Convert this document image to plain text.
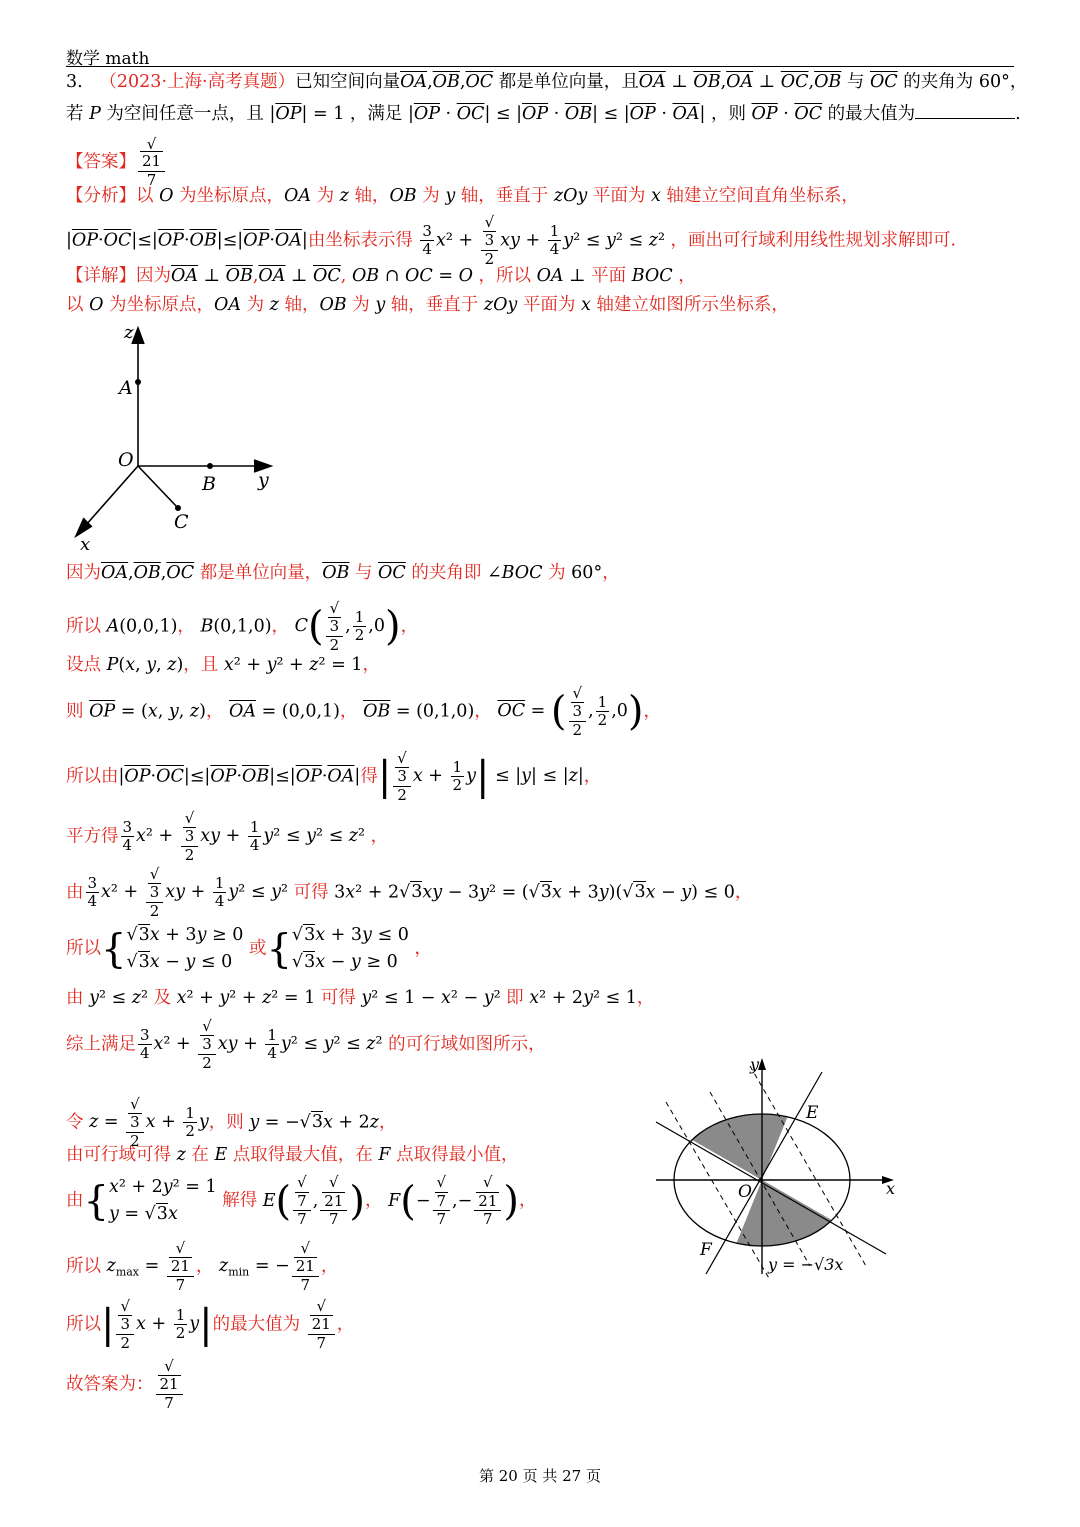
数学 math
3. （2023·上海·高考真题）已知空间向量$\overline{OA},\overline{OB},\overline{OC}$ 都是单位向量，且$\overline{OA}$ ⊥ $\overline{OB},\overline{OA}$ ⊥ $\overline{OC},\overline{OB}$ 与 $\overline{OC}$ 的夹角为 60°，
若 P 为空间任意一点，且 $|\overline{OP}| = 1$ ，满足 $|\overline{OP} \cdot \overline{OC}| \le |\overline{OP} \cdot \overline{OB}| \le |\overline{OP} \cdot \overline{OA}|$ ，则 $\overline{OP} \cdot \overline{OC}$ 的最大值为	.
【答案】 √
21
7
【分析】以 O 为坐标原点，OA 为 z 轴，OB 为 y 轴，垂直于 zOy 平面为 x 轴建立空间直角坐标系，
$|\overline{OP}\cdot\overline{OC}|\le|\overline{OP}\cdot\overline{OB}|\le|\overline{OP}\cdot\overline{OA}|$由坐标表示得 $\frac{3}{4} x^2$ + √
3
2 xy + $\frac{1}{4} y^2 \le y^2 \le z^2$ ，画出可行域利用线性规划求解即可.
【详解】因为$\overline{OA}$ ⊥ $\overline{OB},\overline{OA}$ ⊥ $\overline{OC}$, OB ∩ OC = O ，所以 OA ⊥ 平面 BOC ，
以 O 为坐标原点，OA 为 z 轴，OB 为 y 轴，垂直于 zOy 平面为 x 轴建立如图所示坐标系，
z
A
O
B y
C
x
因为$\overline{OA},\overline{OB},\overline{OC}$ 都是单位向量，$\overline{OB}$ 与 $\overline{OC}$ 的夹角即 ∠BOC 为 60°，
所以 A(0,0,1)， B(0,1,0)， C( √
3
2 , $\frac{1}{2} ,0$)，
设点 P(x, y, z)，且 x² + y² + z² = 1，
则 $\overline{OP} = (x$, y, z)， $\overline{OA} = (0,0,1)$， $\overline{OB} = (0,1,0)$， $\overline{OC}$ = ( √
3
2 , $\frac{1}{2} ,0$)，
所以由$|\overline{OP}\cdot\overline{OC}|\le|\overline{OP}\cdot\overline{OB}|\le|\overline{OP}\cdot\overline{OA}|$得| √
3
2 $x + \frac{1}{2} y| \le |y| \le |z|$，
平方得 $\frac{3}{4} x^2$ + √
3
2 xy + $\frac{1}{4} y^2 \le y^2 \le z^2$ ，
由 $\frac{3}{4} x^2$ + √
3
2 xy + $\frac{1}{4} y^2 \le y^2$ 可得 3x² + 2√3xy − 3y² = (√3x + 3y)(√3x − y) ≤ 0，
所以{√3x + 3y ≥ 0
√3x − y ≤ 0 或{√3x + 3y ≤ 0
√3x − y ≥ 0 ，
由 y² ≤ z² 及 x² + y² + z² = 1 可得 y² ≤ 1 − x² − y² 即 x² + 2y² ≤ 1，
综上满足 $\frac{3}{4} x^2$ + √
3
2 xy + $\frac{1}{4} y^2 \le y^2 \le z^2$ 的可行域如图所示，
令 z = √
3
2 $x + \frac{1}{2}$ y，则 y = −√3x + 2z，
由可行域可得 z 在 E 点取得最大值，在 F 点取得最小值，
由{x² + 2y² = 1
y = √3x 解得 E( √
7
7 , √
21
7 )， F(− √
7
7 ,− √
21
7 )，
所以 $z_{max}$ = √
21
7 ， $z_{min}$ = − √
21
7 ，
所以| √
3
2 $x + \frac{1}{2} y|$的最大值为 √
21
7 ，
故答案为： √
21
7
y
E
O	x
F
y = −√3x
第 20 页 共 27 页
